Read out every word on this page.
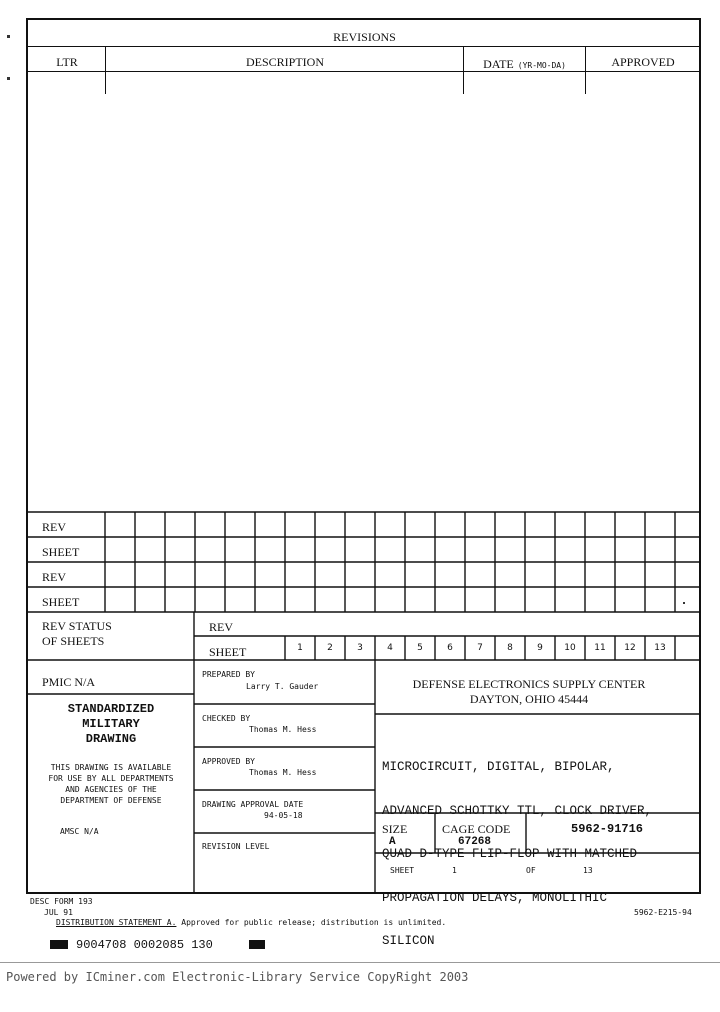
REVISIONS
LTR	DESCRIPTION	DATE (YR-MO-DA)	APPROVED
REV
SHEET
REV
SHEET
REV STATUS
OF SHEETS
REV
SHEET	1	2	3	4	5	6	7	8	9	10	11	12	13
PMIC N/A
STANDARDIZED
MILITARY
DRAWING
THIS DRAWING IS AVAILABLE
FOR USE BY ALL DEPARTMENTS
AND AGENCIES OF THE
DEPARTMENT OF DEFENSE
AMSC N/A
PREPARED BY
Larry T. Gauder
CHECKED BY
Thomas M. Hess
APPROVED BY
Thomas M. Hess
DRAWING APPROVAL DATE
94-05-18
REVISION LEVEL
DEFENSE ELECTRONICS SUPPLY CENTER
DAYTON, OHIO 45444

MICROCIRCUIT, DIGITAL, BIPOLAR,

ADVANCED SCHOTTKY TTL, CLOCK DRIVER,

QUAD D-TYPE FLIP-FLOP WITH MATCHED

PROPAGATION DELAYS, MONOLITHIC

SILICON

SIZE
A
CAGE CODE
67268
5962-91716
SHEET	1	OF	13
DESC FORM 193
JUL 91
DISTRIBUTION STATEMENT A. Approved for public release; distribution is unlimited.
5962-E215-94
9004708 0002085 130
Powered by ICminer.com Electronic-Library Service CopyRight 2003
